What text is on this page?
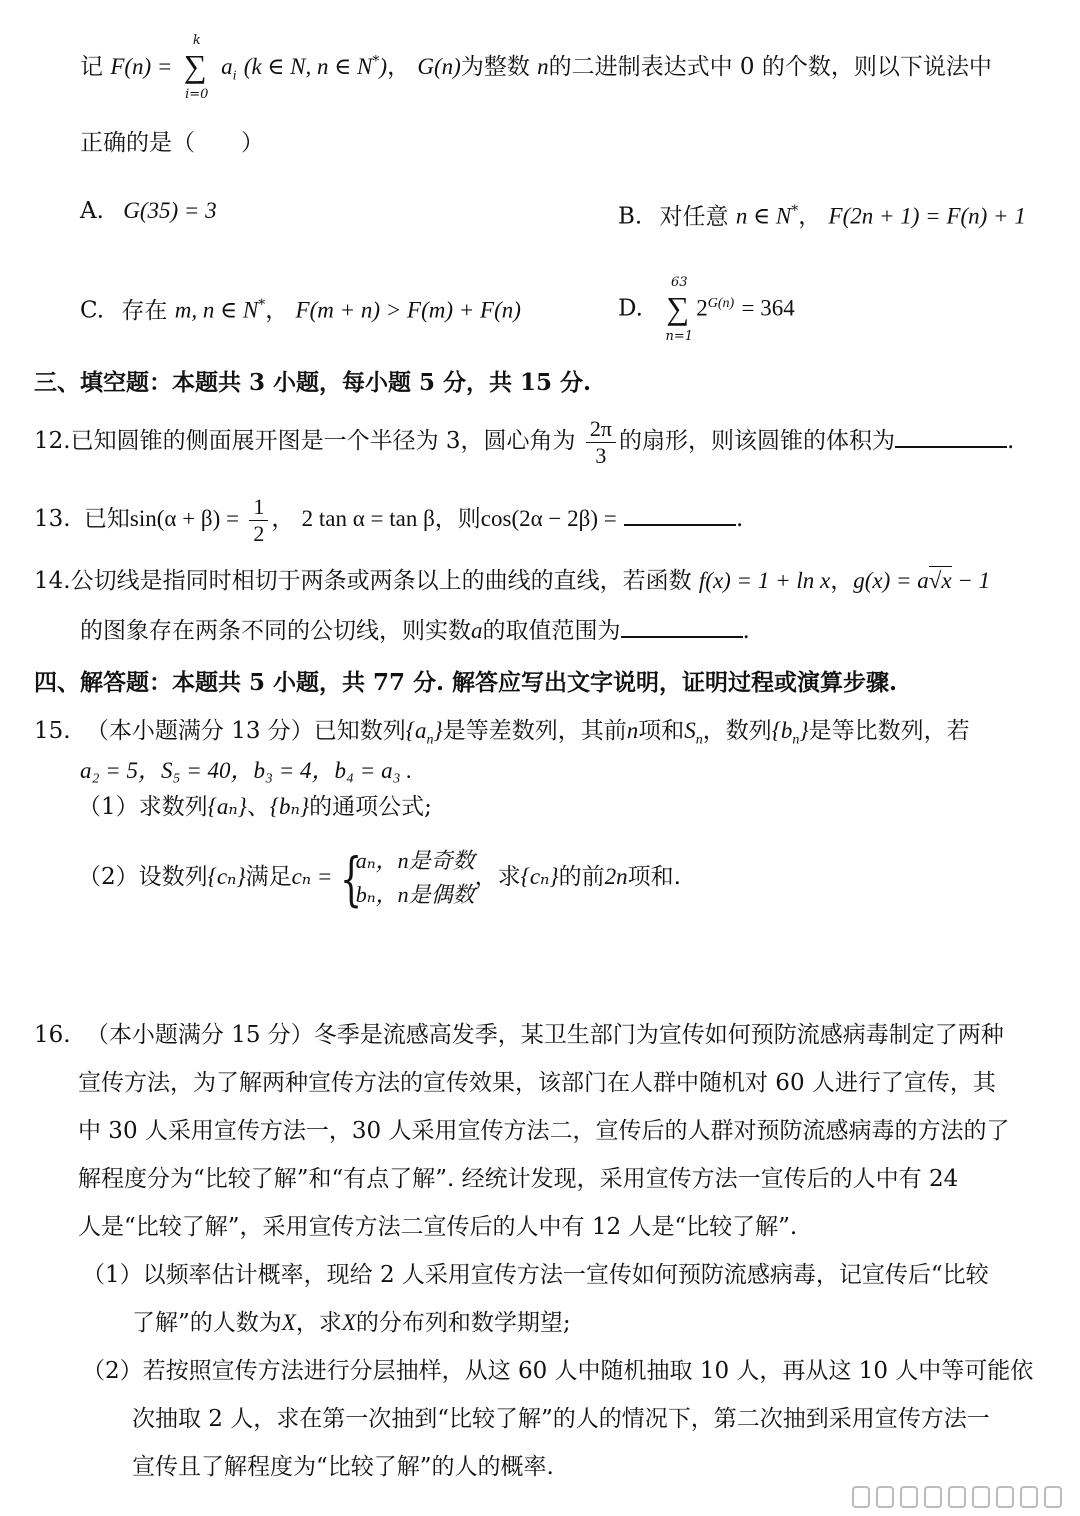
记 F(n) =
k
∑
i=0
$a_i$ (k ∈ N, n ∈ N*)， G(n)为整数 n的二进制表达式中 0 的个数，则以下说法中
正确的是（　　）
A. G(35) = 3	B. 对任意 n ∈ N*， F(2n + 1) = F(n) + 1
C. 存在 m, n ∈ N*， F(m + n) > F(m) + F(n)	D.
63
∑
n=1
$2^{G(n)} = 364$
三、填空题：本题共 3 小题，每小题 5 分，共 15 分.
12.已知圆锥的侧面展开图是一个半径为 3，圆心角为 $\frac{2\pi}{3}$ 的扇形，则该圆锥的体积为	.
13. 已知$\sin(\alpha + \beta) = \frac{1}{2}$ ， 2 tan α = tan β，则cos(2α − 2β) =	.
14.公切线是指同时相切于两条或两条以上的曲线的直线，若函数 f(x) = 1 + ln x，g(x) = a√x − 1
的图象存在两条不同的公切线，则实数a的取值范围为	.
四、解答题：本题共 5 小题，共 77 分. 解答应写出文字说明，证明过程或演算步骤.
15. （本小题满分 13 分）已知数列$\{a_n\}$是等差数列，其前n项和$S_n$，数列$\{b_n\}$是等比数列，若
a₂ = 5，S₅ = 40，b₃ = 4，b₄ = a₃ .
（1）求数列{aₙ}、{bₙ}的通项公式;
（2）设数列{cₙ}满足cₙ = {
aₙ，n是奇数
bₙ，n是偶数
，求{cₙ}的前2n项和.
16. （本小题满分 15 分）冬季是流感高发季，某卫生部门为宣传如何预防流感病毒制定了两种
宣传方法，为了解两种宣传方法的宣传效果，该部门在人群中随机对 60 人进行了宣传，其
中 30 人采用宣传方法一，30 人采用宣传方法二，宣传后的人群对预防流感病毒的方法的了
解程度分为“比较了解”和“有点了解”. 经统计发现，采用宣传方法一宣传后的人中有 24
人是“比较了解”，采用宣传方法二宣传后的人中有 12 人是“比较了解”.
（1）以频率估计概率，现给 2 人采用宣传方法一宣传如何预防流感病毒，记宣传后“比较
了解”的人数为X，求X的分布列和数学期望;
（2）若按照宣传方法进行分层抽样，从这 60 人中随机抽取 10 人，再从这 10 人中等可能依
次抽取 2 人，求在第一次抽到“比较了解”的人的情况下，第二次抽到采用宣传方法一
宣传且了解程度为“比较了解”的人的概率.
